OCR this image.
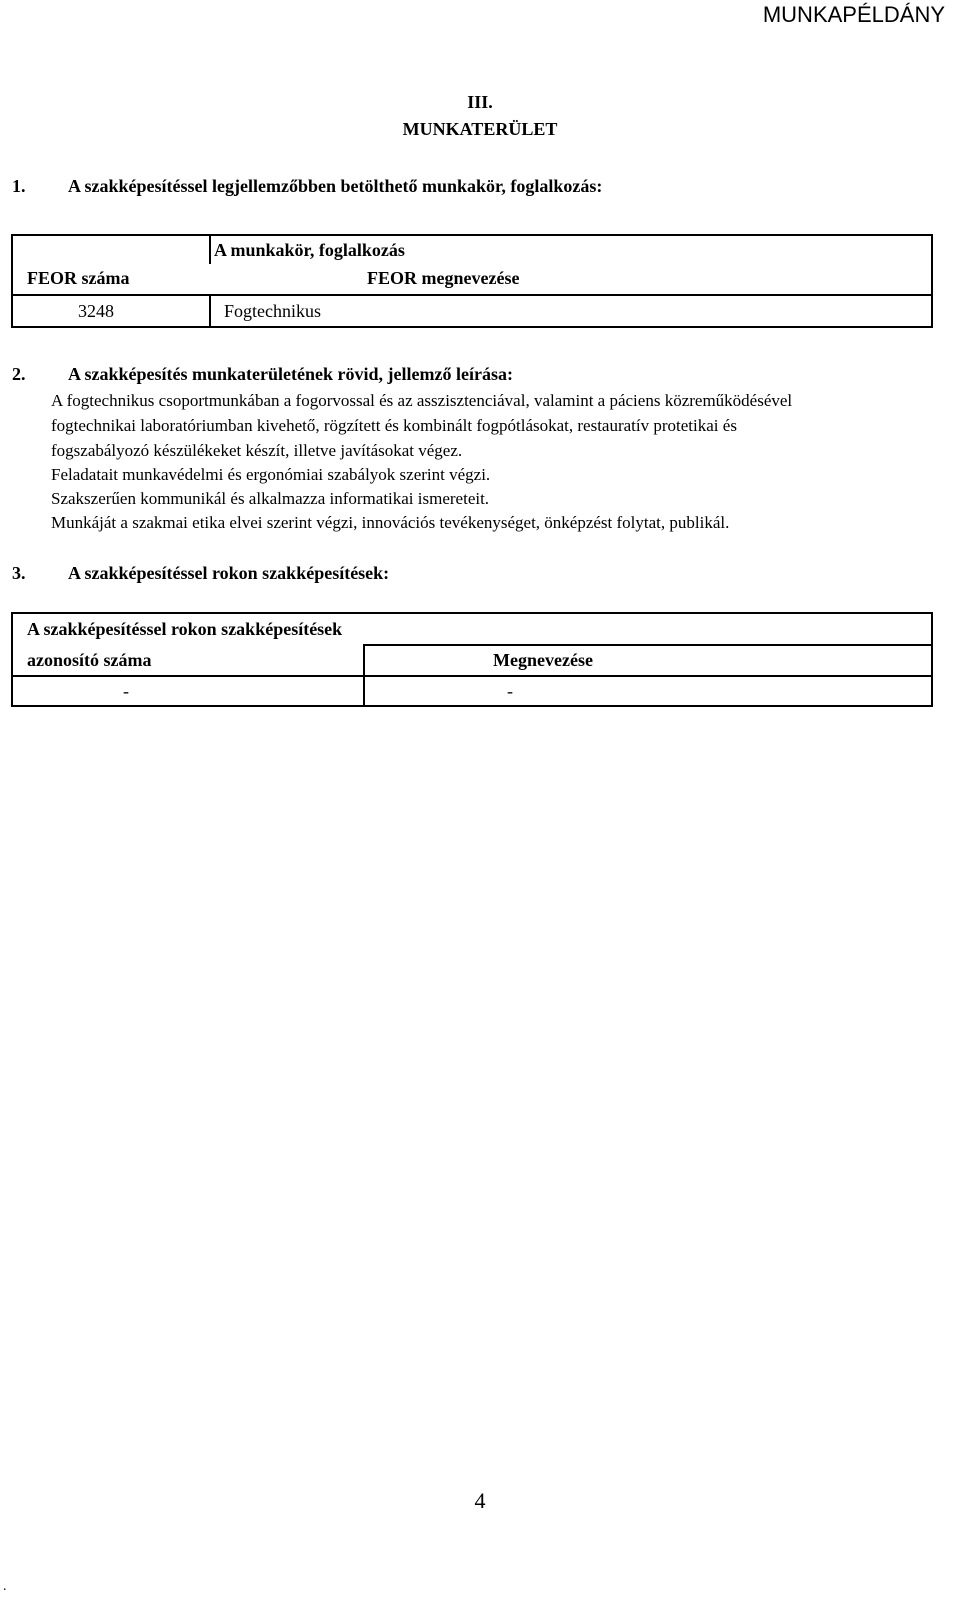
MUNKAPÉLDÁNY
III.
MUNKATERÜLET
1. A szakképesítéssel legjellemzőbben betölthető munkakör, foglalkozás:
	A munkakör, foglalkozás

FEOR száma FEOR megnevezése	

3248	Fogtechnikus
2. A szakképesítés munkaterületének rövid, jellemző leírása:
A fogtechnikus csoportmunkában a fogorvossal és az asszisztenciával, valamint a páciens közreműködésével
fogtechnikai laboratóriumban kivehető, rögzített és kombinált fogpótlásokat, restauratív protetikai és
fogszabályozó készülékeket készít, illetve javításokat végez.
Feladatait munkavédelmi és ergonómiai szabályok szerint végzi.
Szakszerűen kommunikál és alkalmazza informatikai ismereteit.
Munkáját a szakmai etika elvei szerint végzi, innovációs tevékenységet, önképzést folytat, publikál.
3. A szakképesítéssel rokon szakképesítések:
A szakképesítéssel rokon szakképesítések	
azonosító száma	Megnevezése
-	-
4
.
